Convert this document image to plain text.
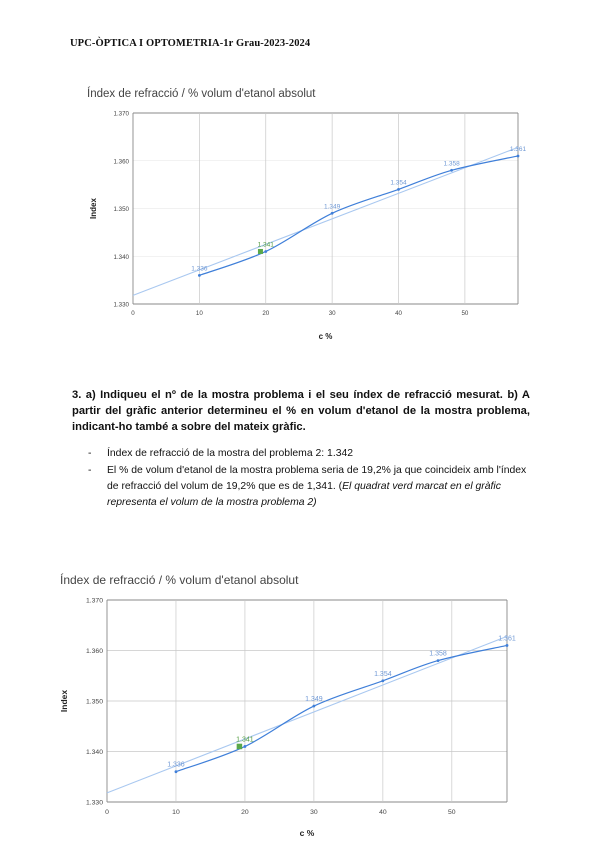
UPC-ÒPTICA I OPTOMETRIA-1r Grau-2023-2024
Índex de refracció / % volum d'etanol absolut
1.330
1.340
1.350
1.360
1.370
0	10	20	30	40	50
c %
Index
1.336
1.341
1.349
1.354
1.358
1.361
3. a) Indiqueu el nº de la mostra problema i el seu índex de refracció mesurat. b) A partir del gràfic anterior determineu el % en volum d'etanol de la mostra problema, indicant-ho també a sobre del mateix gràfic.
- Índex de refracció de la mostra del problema 2: 1.342
- El % de volum d'etanol de la mostra problema seria de 19,2% ja que coincideix amb l'índex de refracció del volum de 19,2% que es de 1,341. (El quadrat verd marcat en el gràfic representa el volum de la mostra problema 2)
Índex de refracció / % volum d'etanol absolut
1.330
1.340
1.350
1.360
1.370
0	10	20	30	40	50
c %
Index
1.336
1.341
1.349
1.354
1.358
1.361
